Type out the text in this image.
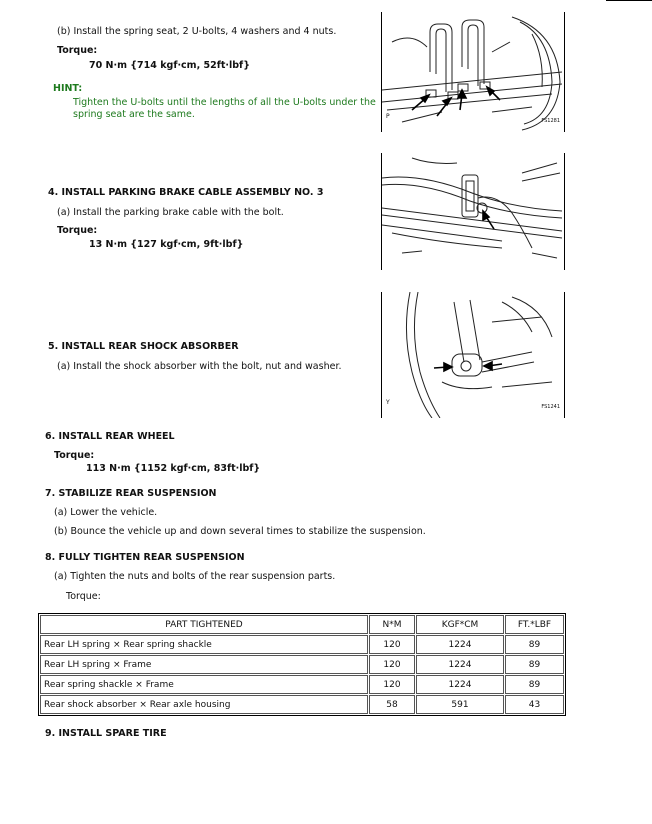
(b) Install the spring seat, 2 U-bolts, 4 washers and 4 nuts.
Torque:
70 N·m {714 kgf·cm, 52ft·lbf}
HINT:
Tighten the U-bolts until the lengths of all the U-bolts under the
spring seat are the same.	P
FS1281
4. INSTALL PARKING BRAKE CABLE ASSEMBLY NO. 3
(a) Install the parking brake cable with the bolt.
Torque:
13 N·m {127 kgf·cm, 9ft·lbf}
5. INSTALL REAR SHOCK ABSORBER
(a) Install the shock absorber with the bolt, nut and washer.
Y
FS1241
6. INSTALL REAR WHEEL
Torque:
113 N·m {1152 kgf·cm, 83ft·lbf}
7. STABILIZE REAR SUSPENSION
(a) Lower the vehicle.
(b) Bounce the vehicle up and down several times to stabilize the suspension.
8. FULLY TIGHTEN REAR SUSPENSION
(a) Tighten the nuts and bolts of the rear suspension parts.
Torque:
PART TIGHTENED	N*M	KGF*CM	FT.*LBF
Rear LH spring × Rear spring shackle	120	1224	89
Rear LH spring × Frame	120	1224	89
Rear spring shackle × Frame	120	1224	89
Rear shock absorber × Rear axle housing	58	591	43
9. INSTALL SPARE TIRE
